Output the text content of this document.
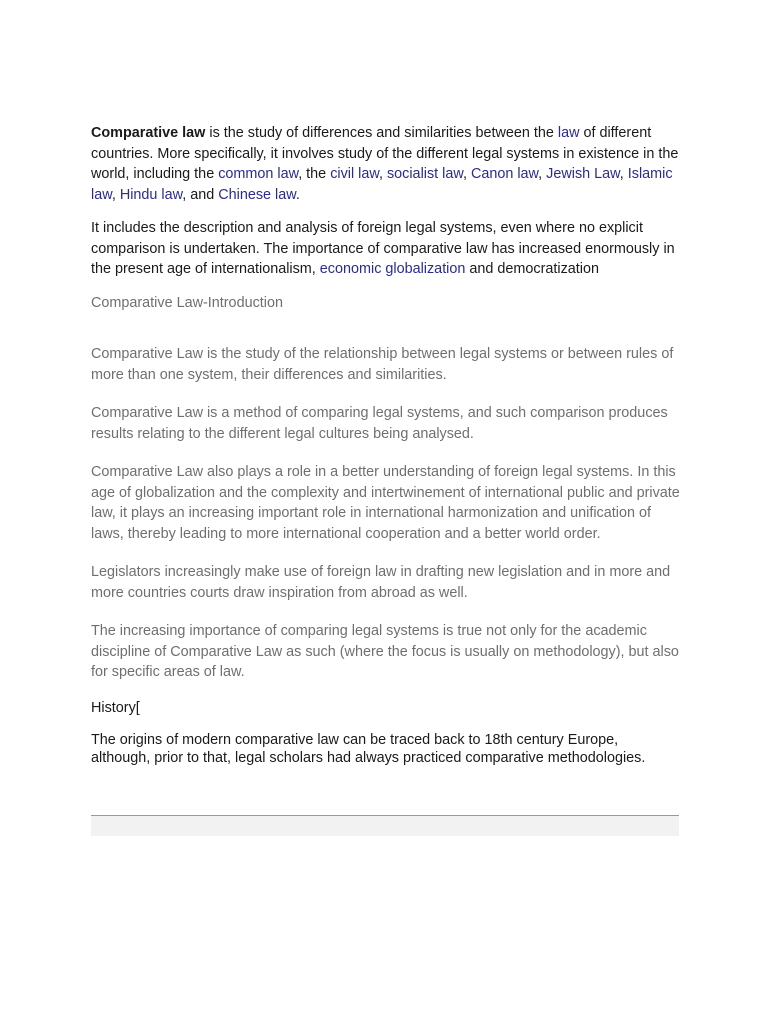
Comparative law is the study of differences and similarities between the law of different countries. More specifically, it involves study of the different legal systems in existence in the world, including the common law, the civil law, socialist law, Canon law, Jewish Law, Islamic law, Hindu law, and Chinese law.

It includes the description and analysis of foreign legal systems, even where no explicit comparison is undertaken. The importance of comparative law has increased enormously in the present age of internationalism, economic globalization and democratization

Comparative Law-Introduction

Comparative Law is the study of the relationship between legal systems or between rules of more than one system, their differences and similarities.

Comparative Law is a method of comparing legal systems, and such comparison produces results relating to the different legal cultures being analysed.

Comparative Law also plays a role in a better understanding of foreign legal systems. In this age of globalization and the complexity and intertwinement of international public and private law, it plays an increasing important role in international harmonization and unification of laws, thereby leading to more international cooperation and a better world order.

Legislators increasingly make use of foreign law in drafting new legislation and in more and more countries courts draw inspiration from abroad as well.

The increasing importance of comparing legal systems is true not only for the academic discipline of Comparative Law as such (where the focus is usually on methodology), but also for specific areas of law.

History[

The origins of modern comparative law can be traced back to 18th century Europe, although, prior to that, legal scholars had always practiced comparative methodologies.
